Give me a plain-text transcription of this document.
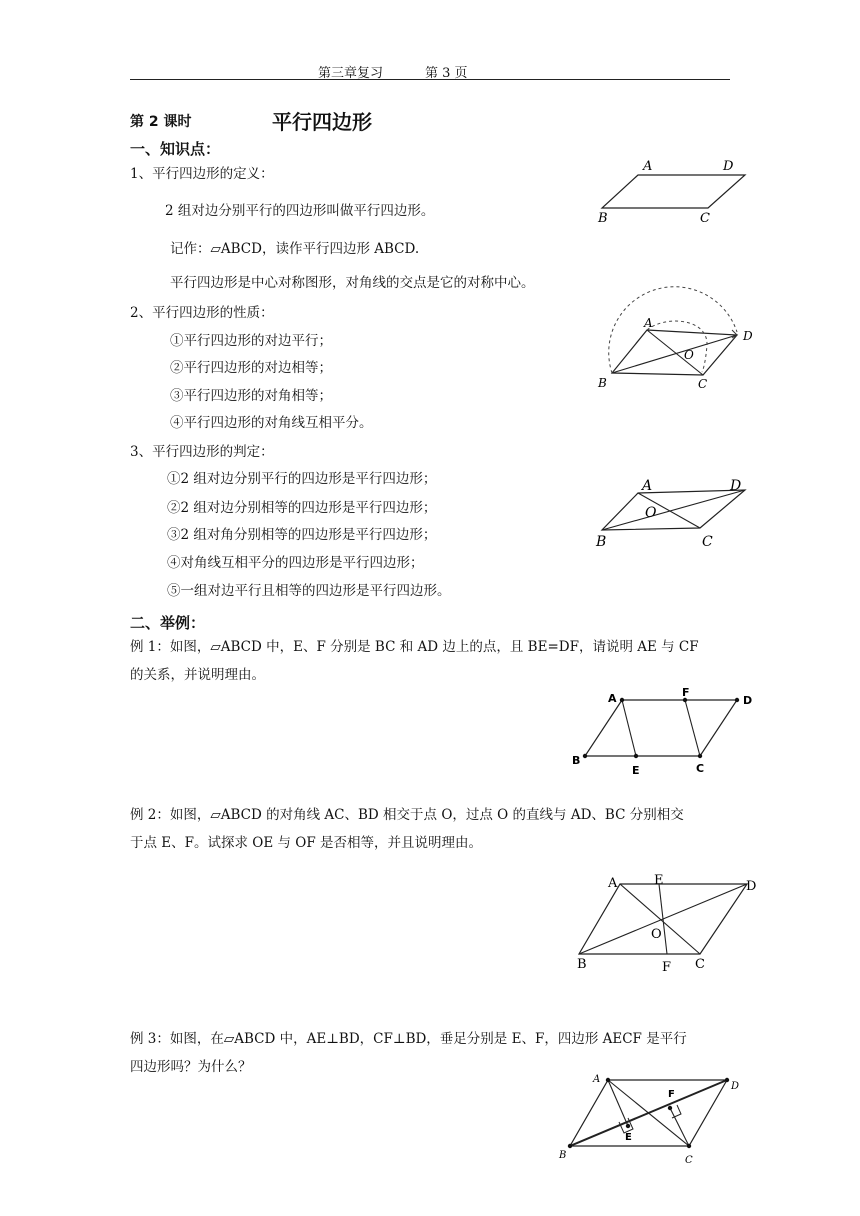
第三章复习	第 3 页
第 2 课时	平行四边形
一、知识点：
1、平行四边形的定义：
2 组对边分别平行的四边形叫做平行四边形。
记作：▱ABCD，读作平行四边形 ABCD.
平行四边形是中心对称图形，对角线的交点是它的对称中心。
2、平行四边形的性质：
①平行四边形的对边平行；
②平行四边形的对边相等；
③平行四边形的对角相等；
④平行四边形的对角线互相平分。
3、平行四边形的判定：
①2 组对边分别平行的四边形是平行四边形；
②2 组对边分别相等的四边形是平行四边形；
③2 组对角分别相等的四边形是平行四边形；
④对角线互相平分的四边形是平行四边形；
⑤一组对边平行且相等的四边形是平行四边形。
二、举例：
例 1：如图，▱ABCD 中，E、F 分别是 BC 和 AD 边上的点，且 BE=DF，请说明 AE 与 CF
的关系，并说明理由。
例 2：如图，▱ABCD 的对角线 AC、BD 相交于点 O，过点 O 的直线与 AD、BC 分别相交
于点 E、F。试探求 OE 与 OF 是否相等，并且说明理由。
例 3：如图，在▱ABCD 中，AE⊥BD，CF⊥BD，垂足分别是 E、F，四边形 AECF 是平行
四边形吗？为什么？
A	D
B	C
A
D
O
B	C
A	D
O
B	C
A	F
D
B
E	C
A	E	D
O
B	F C
A
D
F
E
B	C
